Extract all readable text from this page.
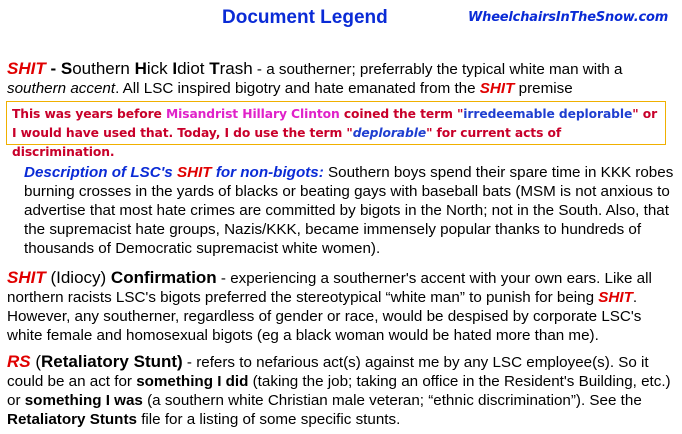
Document Legend	WheelchairsInTheSnow.com
SHIT - Southern Hick Idiot Trash - a southerner; preferrably the typical white man with a southern accent. All LSC inspired bigotry and hate emanated from the SHIT premise
This was years before Misandrist Hillary Clinton coined the term "irredeemable deplorable" or I would have used that. Today, I do use the term "deplorable" for current acts of discrimination.
Description of LSC's SHIT for non-bigots: Southern boys spend their spare time in KKK robes burning crosses in the yards of blacks or beating gays with baseball bats (MSM is not anxious to advertise that most hate crimes are committed by bigots in the North; not in the South. Also, that the supremacist hate groups, Nazis/KKK, became immensely popular thanks to hundreds of thousands of Democratic supremacist white women).
SHIT (Idiocy) Confirmation - experiencing a southerner's accent with your own ears. Like all northern racists LSC's bigots preferred the stereotypical “white man” to punish for being SHIT. However, any southerner, regardless of gender or race, would be despised by corporate LSC's white female and homosexual bigots (eg a black woman would be hated more than me).
RS (Retaliatory Stunt) - refers to nefarious act(s) against me by any LSC employee(s). So it could be an act for something I did (taking the job; taking an office in the Resident's Building, etc.) or something I was (a southern white Christian male veteran; “ethnic discrimination”). See the Retaliatory Stunts file for a listing of some specific stunts.
